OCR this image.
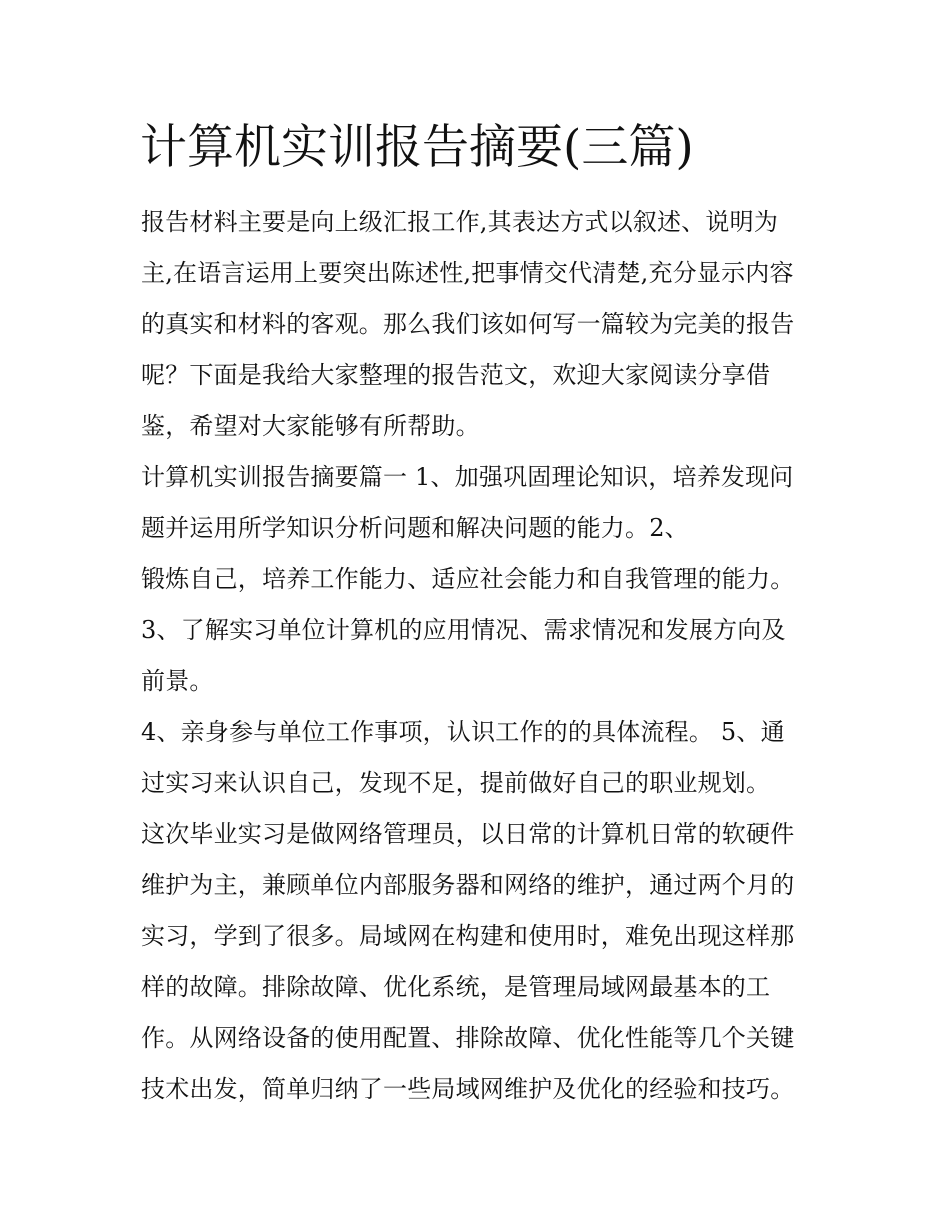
计算机实训报告摘要(三篇)
报告材料主要是向上级汇报工作,其表达方式以叙述、说明为
主,在语言运用上要突出陈述性,把事情交代清楚,充分显示内容
的真实和材料的客观。那么我们该如何写一篇较为完美的报告
呢？下面是我给大家整理的报告范文，欢迎大家阅读分享借
鉴，希望对大家能够有所帮助。
计算机实训报告摘要篇一 1、加强巩固理论知识，培养发现问
题并运用所学知识分析问题和解决问题的能力。2、
锻炼自己，培养工作能力、适应社会能力和自我管理的能力。
3、了解实习单位计算机的应用情况、需求情况和发展方向及
前景。
4、亲身参与单位工作事项，认识工作的的具体流程。 5、通
过实习来认识自己，发现不足，提前做好自己的职业规划。
这次毕业实习是做网络管理员，以日常的计算机日常的软硬件
维护为主，兼顾单位内部服务器和网络的维护，通过两个月的
实习，学到了很多。局域网在构建和使用时，难免出现这样那
样的故障。排除故障、优化系统，是管理局域网最基本的工
作。从网络设备的使用配置、排除故障、优化性能等几个关键
技术出发，简单归纳了一些局域网维护及优化的经验和技巧。
